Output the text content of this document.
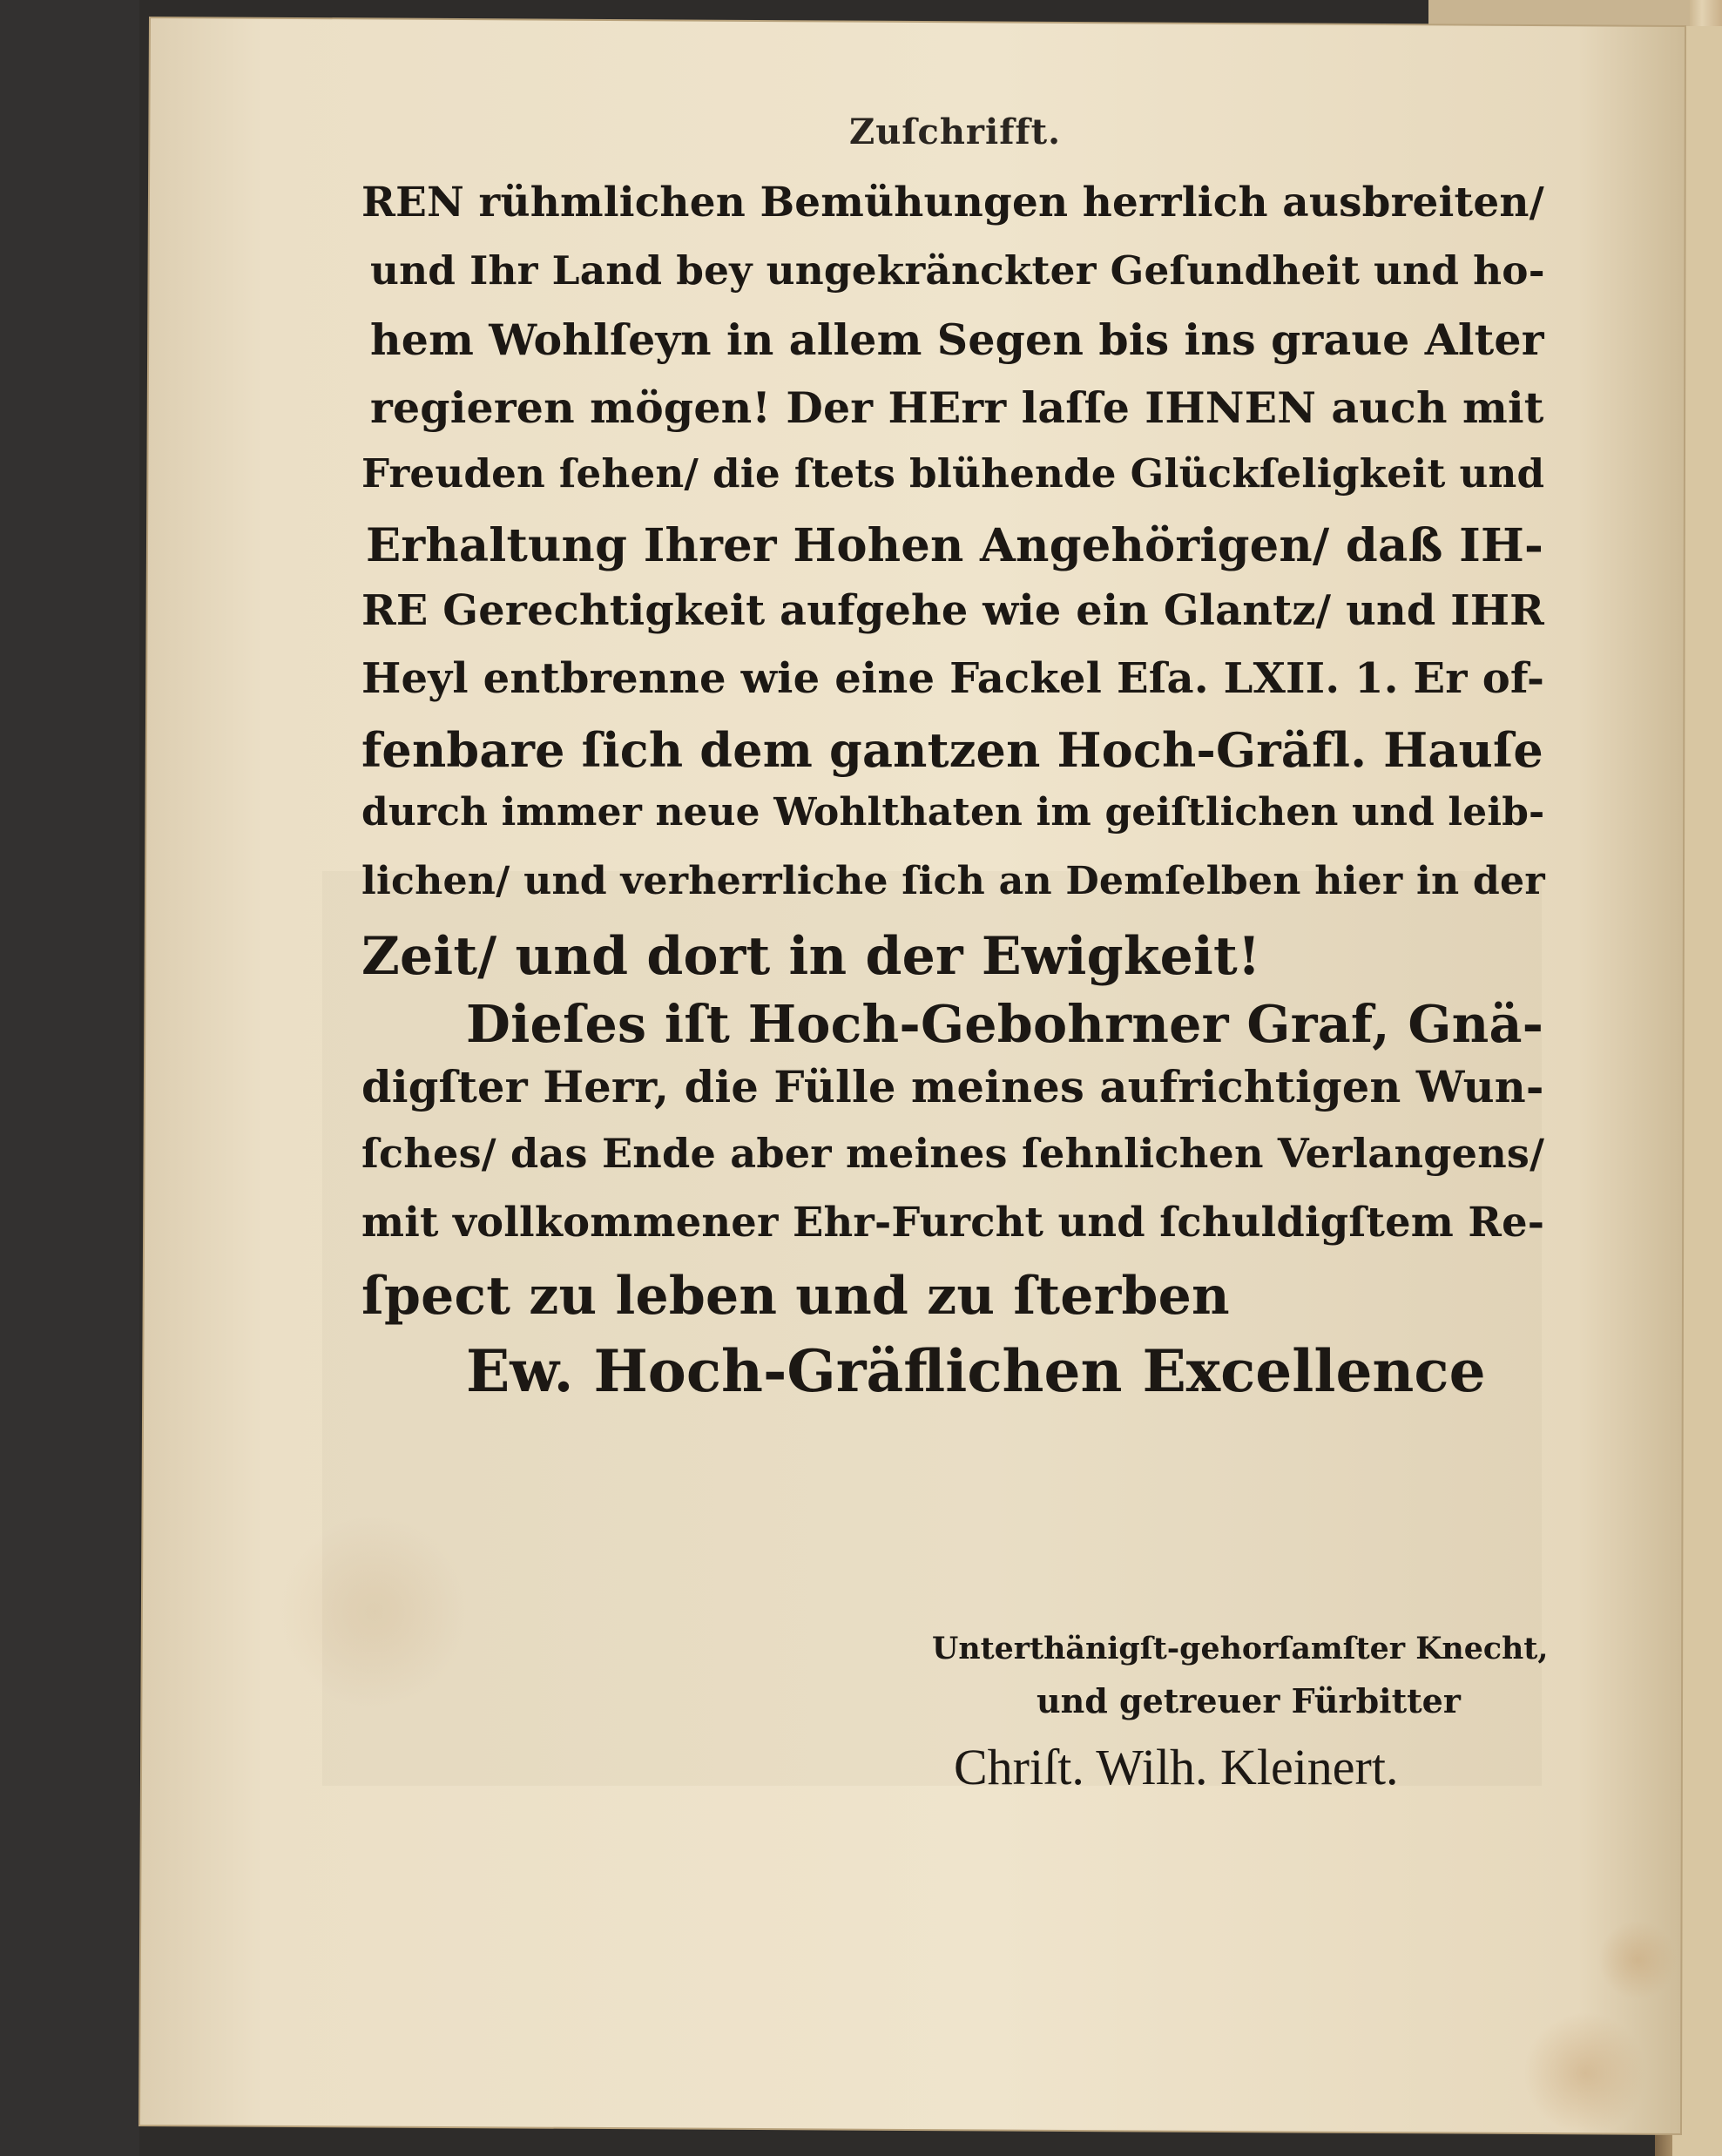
Zuſchrifft.
REN rühmlichen Bemühungen herrlich ausbreiten/
und Ihr Land bey ungekränckter Geſundheit und ho-
hem Wohlſeyn in allem Segen bis ins graue Alter
regieren mögen! Der HErr laſſe IHNEN auch mit
Freuden ſehen/ die ſtets blühende Glückſeligkeit und
Erhaltung Ihrer Hohen Angehörigen/ daß IH-
RE Gerechtigkeit aufgehe wie ein Glantz/ und IHR
Heyl entbrenne wie eine Fackel Eſa. LXII. 1. Er of-
fenbare ſich dem gantzen Hoch-Gräfl. Hauſe
durch immer neue Wohlthaten im geiſtlichen und leib-
lichen/ und verherrliche ſich an Demſelben hier in der
Zeit/ und dort in der Ewigkeit!
Dieſes iſt Hoch-Gebohrner Graf, Gnä-
digſter Herr, die Fülle meines aufrichtigen Wun-
ſches/ das Ende aber meines ſehnlichen Verlangens/
mit vollkommener Ehr-Furcht und ſchuldigſtem Re-
ſpect zu leben und zu ſterben
Ew. Hoch-Gräflichen Excellence
Unterthänigſt-gehorſamſter Knecht,
und getreuer Fürbitter
Chriſt. Wilh. Kleinert.
